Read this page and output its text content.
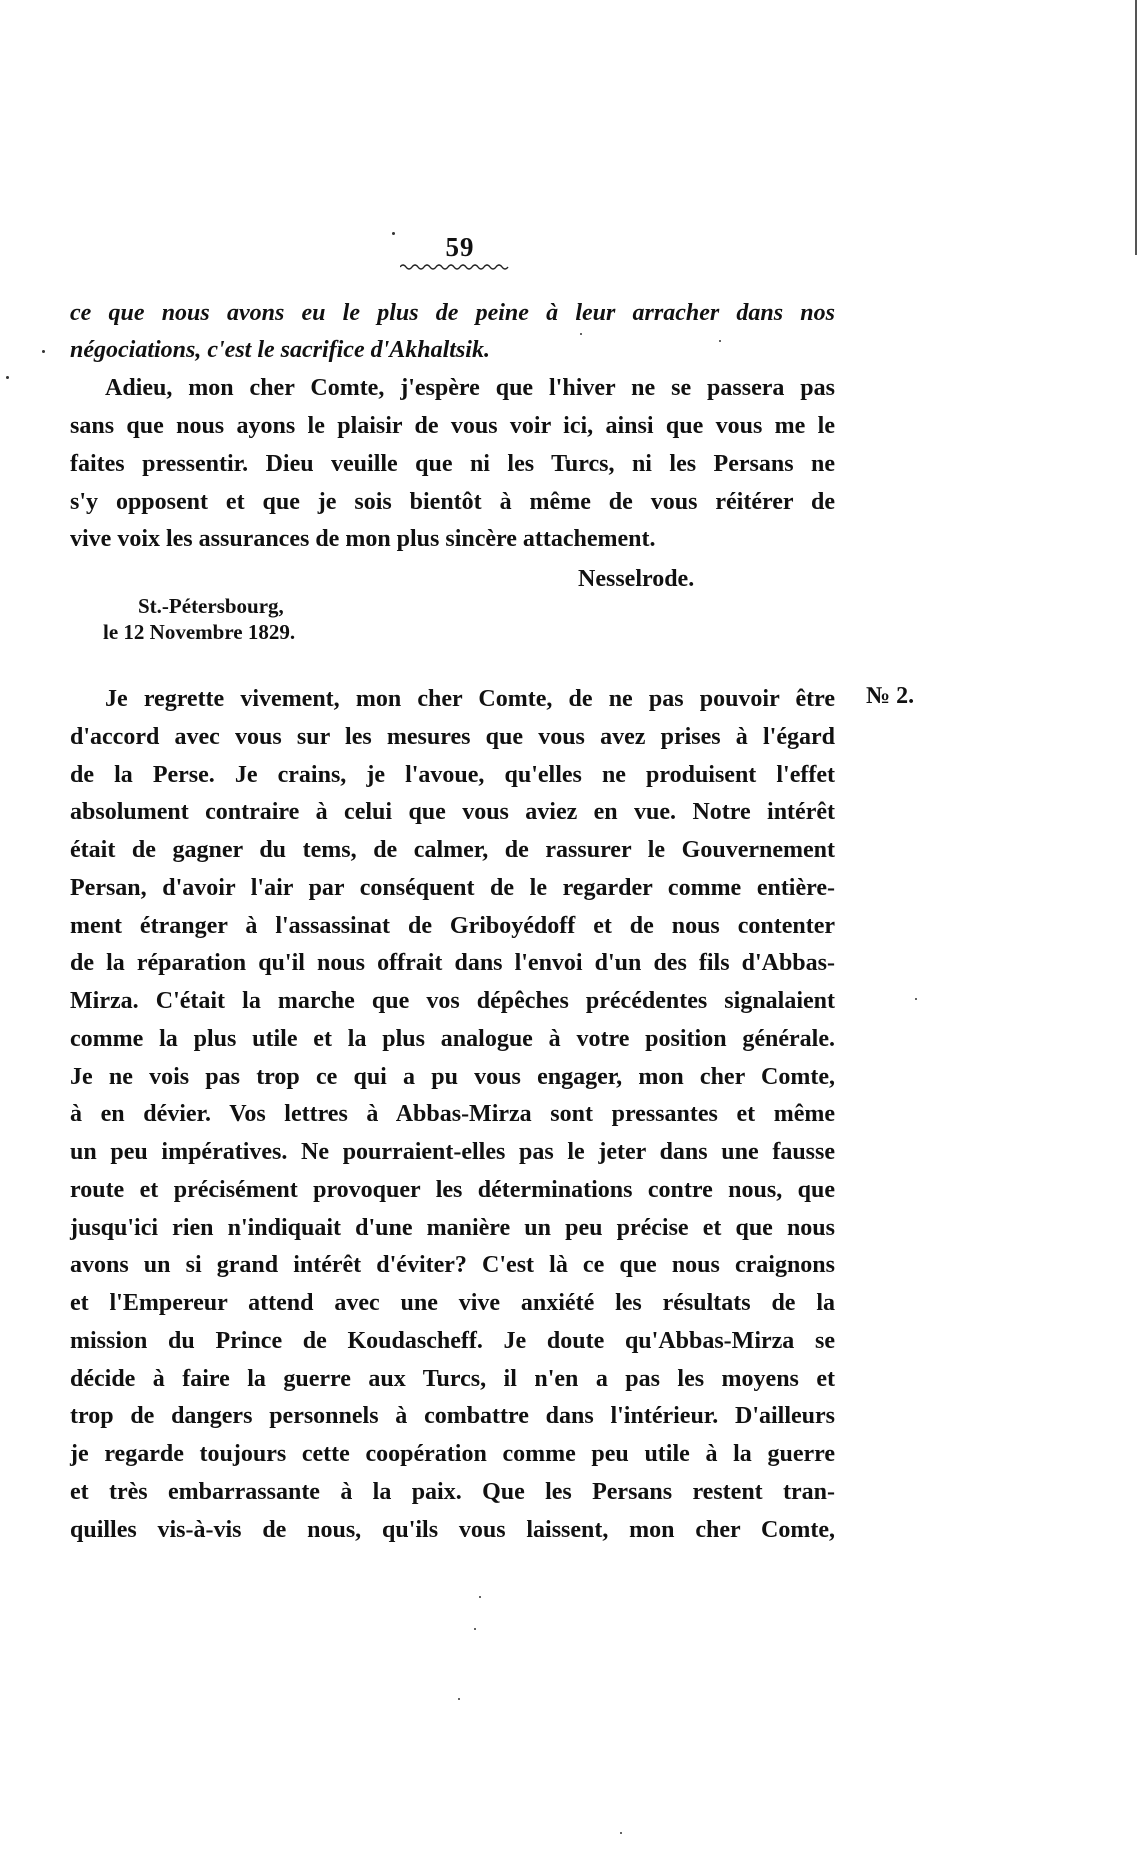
59
ce que nous avons eu le plus de peine à leur arracher dans nos
négociations, c'est le sacrifice d'Akhaltsik.
Adieu, mon cher Comte, j'espère que l'hiver ne se passera pas
sans que nous ayons le plaisir de vous voir ici, ainsi que vous me le
faites pressentir. Dieu veuille que ni les Turcs, ni les Persans ne
s'y opposent et que je sois bientôt à même de vous réitérer de
vive voix les assurances de mon plus sincère attachement.
Nesselrode.
St.-Pétersbourg,
le 12 Novembre 1829.
№ 2.
Je regrette vivement, mon cher Comte, de ne pas pouvoir être
d'accord avec vous sur les mesures que vous avez prises à l'égard
de la Perse. Je crains, je l'avoue, qu'elles ne produisent l'effet
absolument contraire à celui que vous aviez en vue. Notre intérêt
était de gagner du tems, de calmer, de rassurer le Gouvernement
Persan, d'avoir l'air par conséquent de le regarder comme entière-
ment étranger à l'assassinat de Griboyédoff et de nous contenter
de la réparation qu'il nous offrait dans l'envoi d'un des fils d'Abbas-
Mirza. C'était la marche que vos dépêches précédentes signalaient
comme la plus utile et la plus analogue à votre position générale.
Je ne vois pas trop ce qui a pu vous engager, mon cher Comte,
à en dévier. Vos lettres à Abbas-Mirza sont pressantes et même
un peu impératives. Ne pourraient-elles pas le jeter dans une fausse
route et précisément provoquer les déterminations contre nous, que
jusqu'ici rien n'indiquait d'une manière un peu précise et que nous
avons un si grand intérêt d'éviter? C'est là ce que nous craignons
et l'Empereur attend avec une vive anxiété les résultats de la
mission du Prince de Koudascheff. Je doute qu'Abbas-Mirza se
décide à faire la guerre aux Turcs, il n'en a pas les moyens et
trop de dangers personnels à combattre dans l'intérieur. D'ailleurs
je regarde toujours cette coopération comme peu utile à la guerre
et très embarrassante à la paix. Que les Persans restent tran-
quilles vis-à-vis de nous, qu'ils vous laissent, mon cher Comte,
